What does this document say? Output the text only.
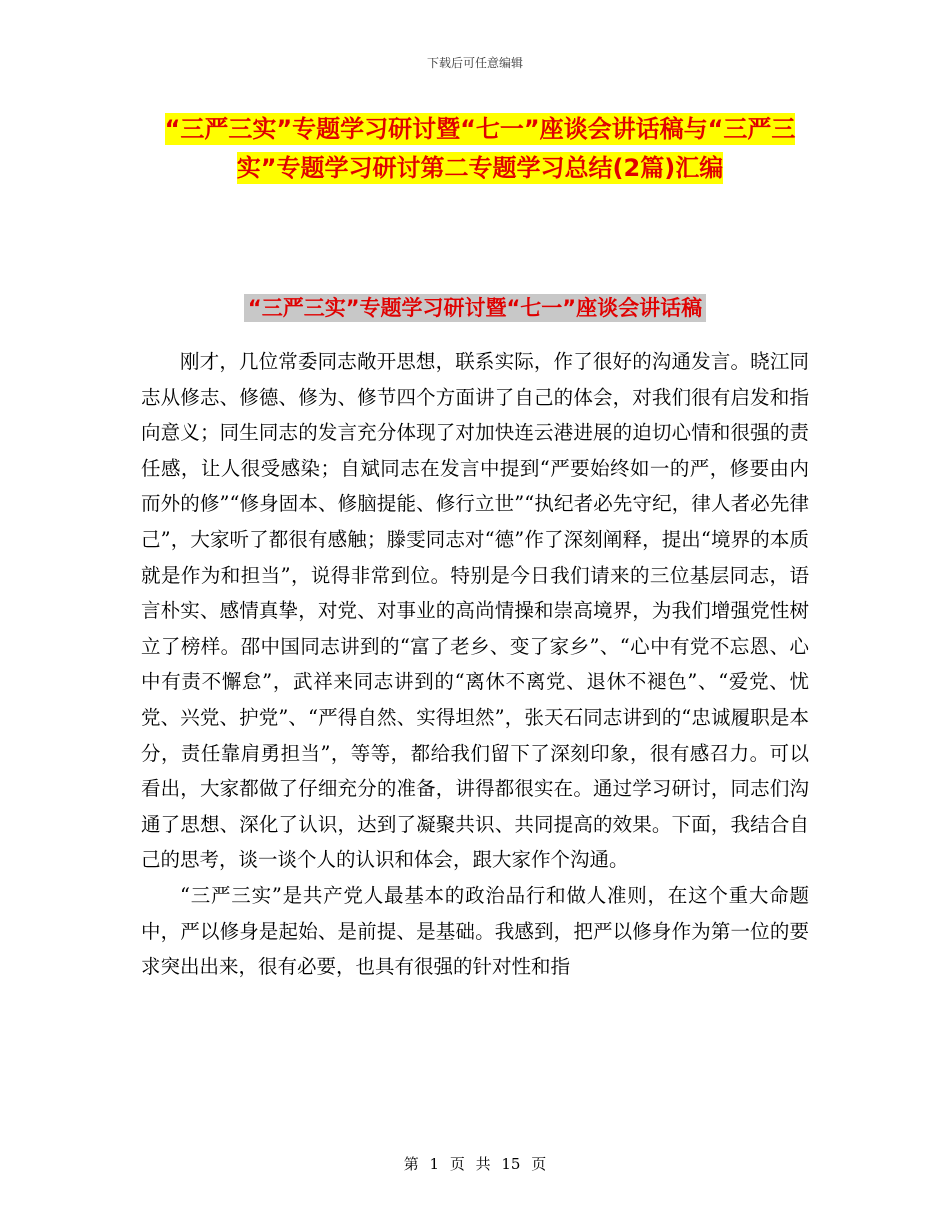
下载后可任意编辑
“三严三实”专题学习研讨暨“七一”座谈会讲话稿与“三严三实”专题学习研讨第二专题学习总结(2篇)汇编
“三严三实”专题学习研讨暨“七一”座谈会讲话稿

刚才，几位常委同志敞开思想，联系实际，作了很好的沟通发言。晓江同志从修志、修德、修为、修节四个方面讲了自己的体会，对我们很有启发和指向意义；同生同志的发言充分体现了对加快连云港进展的迫切心情和很强的责任感，让人很受感染；自斌同志在发言中提到“严要始终如一的严，修要由内而外的修”“修身固本、修脑提能、修行立世”“执纪者必先守纪，律人者必先律己”，大家听了都很有感触；滕雯同志对“德”作了深刻阐释，提出“境界的本质就是作为和担当”，说得非常到位。特别是今日我们请来的三位基层同志，语言朴实、感情真挚，对党、对事业的高尚情操和崇高境界，为我们增强党性树立了榜样。邵中国同志讲到的“富了老乡、变了家乡”、“心中有党不忘恩、心中有责不懈怠”，武祥来同志讲到的“离休不离党、退休不褪色”、“爱党、忧党、兴党、护党”、“严得自然、实得坦然”，张天石同志讲到的“忠诚履职是本分，责任靠肩勇担当”，等等，都给我们留下了深刻印象，很有感召力。可以看出，大家都做了仔细充分的准备，讲得都很实在。通过学习研讨，同志们沟通了思想、深化了认识，达到了凝聚共识、共同提高的效果。下面，我结合自己的思考，谈一谈个人的认识和体会，跟大家作个沟通。

“三严三实”是共产党人最基本的政治品行和做人准则，在这个重大命题中，严以修身是起始、是前提、是基础。我感到，把严以修身作为第一位的要求突出出来，很有必要，也具有很强的针对性和指

第 1 页 共 15 页
